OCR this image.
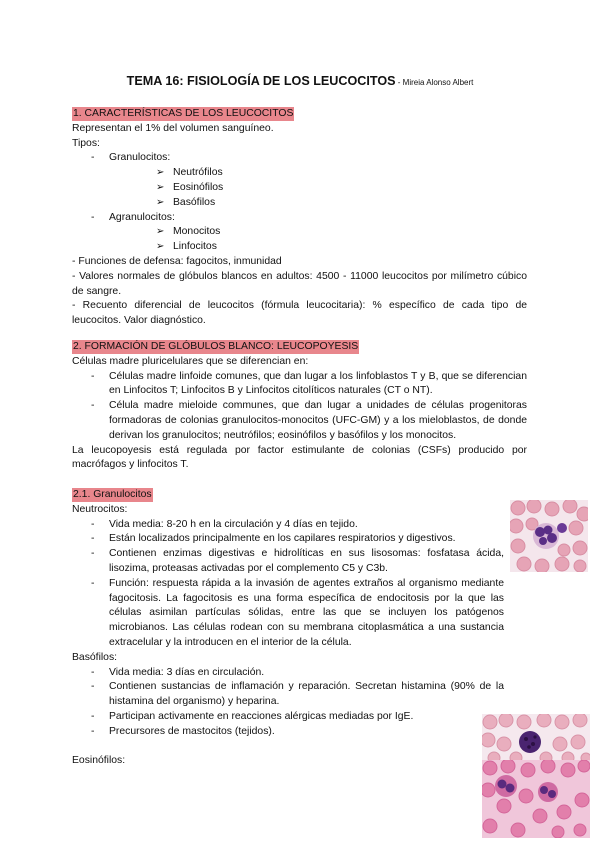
TEMA 16: FISIOLOGÍA DE LOS LEUCOCITOS - Mireia Alonso Albert

1. CARACTERÍSTICAS DE LOS LEUCOCITOS

Representan el 1% del volumen sanguíneo.

Tipos:

- Granulocitos:

➢ Neutrófilos

➢ Eosinófilos

➢ Basófilos

- Agranulocitos:

➢ Monocitos

➢ Linfocitos

- Funciones de defensa: fagocitos, inmunidad

- Valores normales de glóbulos blancos en adultos: 4500 - 11000 leucocitos por milímetro cúbico de sangre.

- Recuento diferencial de leucocitos (fórmula leucocitaria): % específico de cada tipo de leucocitos. Valor diagnóstico.

2. FORMACIÓN DE GLÓBULOS BLANCO: LEUCOPOYESIS

Células madre pluricelulares que se diferencian en:

- Células madre linfoide comunes, que dan lugar a los linfoblastos T y B, que se diferencian en Linfocitos T; Linfocitos B y Linfocitos citolíticos naturales (CT o NT).

- Célula madre mieloide communes, que dan lugar a unidades de células progenitoras formadoras de colonias granulocitos-monocitos (UFC-GM) y a los mieloblastos, de donde derivan los granulocitos; neutrófilos; eosinófilos y basófilos y los monocitos.

La leucopoyesis está regulada por factor estimulante de colonias (CSFs) producido por macrófagos y linfocitos T.

2.1. Granulocitos

Neutrocitos:

- Vida media: 8-20 h en la circulación y 4 días en tejido.

- Están localizados principalmente en los capilares respiratorios y digestivos.

- Contienen enzimas digestivas e hidrolíticas en sus lisosomas: fosfatasa ácida, lisozima, proteasas activadas por el complemento C5 y C3b.

- Función: respuesta rápida a la invasión de agentes extraños al organismo mediante fagocitosis. La fagocitosis es una forma específica de endocitosis por la que las células asimilan partículas sólidas, entre las que se incluyen los patógenos microbianos. Las células rodean con su membrana citoplasmática a una sustancia extracelular y la introducen en el interior de la célula.

Basófilos:

- Vida media: 3 días en circulación.

- Contienen sustancias de inflamación y reparación. Secretan histamina (90% de la histamina del organismo) y heparina.

- Participan activamente en reacciones alérgicas mediadas por IgE.

- Precursores de mastocitos (tejidos).

Eosinófilos:
